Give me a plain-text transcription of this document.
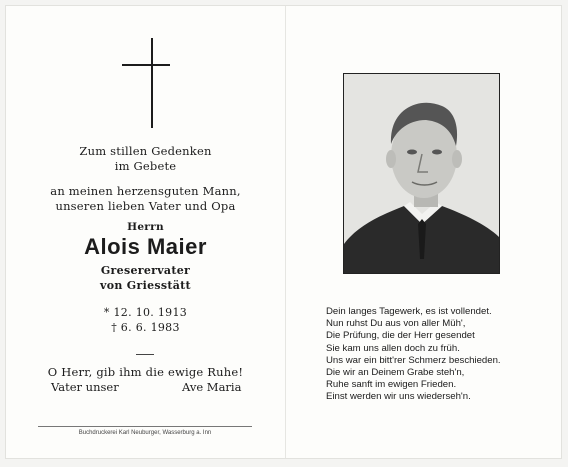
Zum stillen Gedenken
im Gebete
an meinen herzensguten Mann,
unseren lieben Vater und Opa
Herrn
Alois Maier
Greserervater
von Griesstätt
* 12. 10. 1913
† 6. 6. 1983
O Herr, gib ihm die ewige Ruhe!
Vater unser	Ave Maria
Buchdruckerei Karl Neuburger, Wasserburg a. Inn
Dein langes Tagewerk, es ist vollendet.
Nun ruhst Du aus von aller Müh',
Die Prüfung, die der Herr gesendet
Sie kam uns allen doch zu früh.
Uns war ein bitt'rer Schmerz beschieden.
Die wir an Deinem Grabe steh'n,
Ruhe sanft im ewigen Frieden.
Einst werden wir uns wiederseh'n.
